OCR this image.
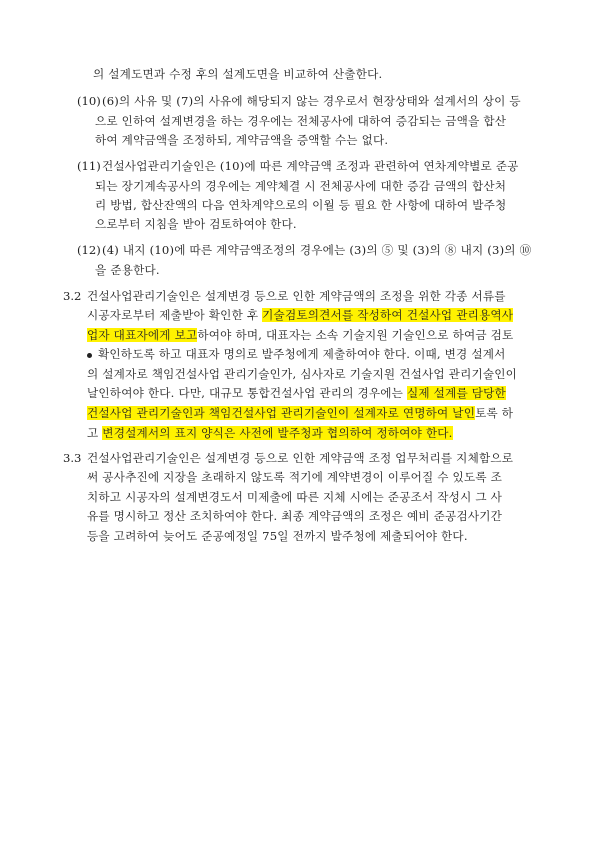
의 설계도면과 수정 후의 설계도면을 비교하여 산출한다.
(10) (6)의 사유 및 (7)의 사유에 해당되지 않는 경우로서 현장상태와 설계서의 상이 등
으로 인하여 설계변경을 하는 경우에는 전체공사에 대하여 증감되는 금액을 합산
하여 계약금액을 조정하되, 계약금액을 증액할 수는 없다.
(11) 건설사업관리기술인은 (10)에 따른 계약금액 조정과 관련하여 연차계약별로 준공
되는 장기계속공사의 경우에는 계약체결 시 전체공사에 대한 증감 금액의 합산처
리 방법, 합산잔액의 다음 연차계약으로의 이월 등 필요 한 사항에 대하여 발주청
으로부터 지침을 받아 검토하여야 한다.
(12) (4) 내지 (10)에 따른 계약금액조정의 경우에는 (3)의 ⑤ 및 (3)의 ⑧ 내지 (3)의 ⑩
을 준용한다.
3.2 건설사업관리기술인은 설계변경 등으로 인한 계약금액의 조정을 위한 각종 서류를
시공자로부터 제출받아 확인한 후 기술검토의견서를 작성하여 건설사업 관리용역사
업자 대표자에게 보고하여야 하며, 대표자는 소속 기술지원 기술인으로 하여금 검토
확인하도록 하고 대표자 명의로 발주청에게 제출하여야 한다. 이때, 변경 설계서
의 설계자로 책임건설사업 관리기술인가, 심사자로 기술지원 건설사업 관리기술인이
날인하여야 한다. 다만, 대규모 통합건설사업 관리의 경우에는 실제 설계를 담당한
건설사업 관리기술인과 책임건설사업 관리기술인이 설계자로 연명하여 날인토록 하
고 변경설계서의 표지 양식은 사전에 발주청과 협의하여 정하여야 한다.
3.3 건설사업관리기술인은 설계변경 등으로 인한 계약금액 조정 업무처리를 지체함으로
써 공사추진에 지장을 초래하지 않도록 적기에 계약변경이 이루어질 수 있도록 조
치하고 시공자의 설계변경도서 미제출에 따른 지체 시에는 준공조서 작성시 그 사
유를 명시하고 정산 조치하여야 한다. 최종 계약금액의 조정은 예비 준공검사기간
등을 고려하여 늦어도 준공예정일 75일 전까지 발주청에 제출되어야 한다.
